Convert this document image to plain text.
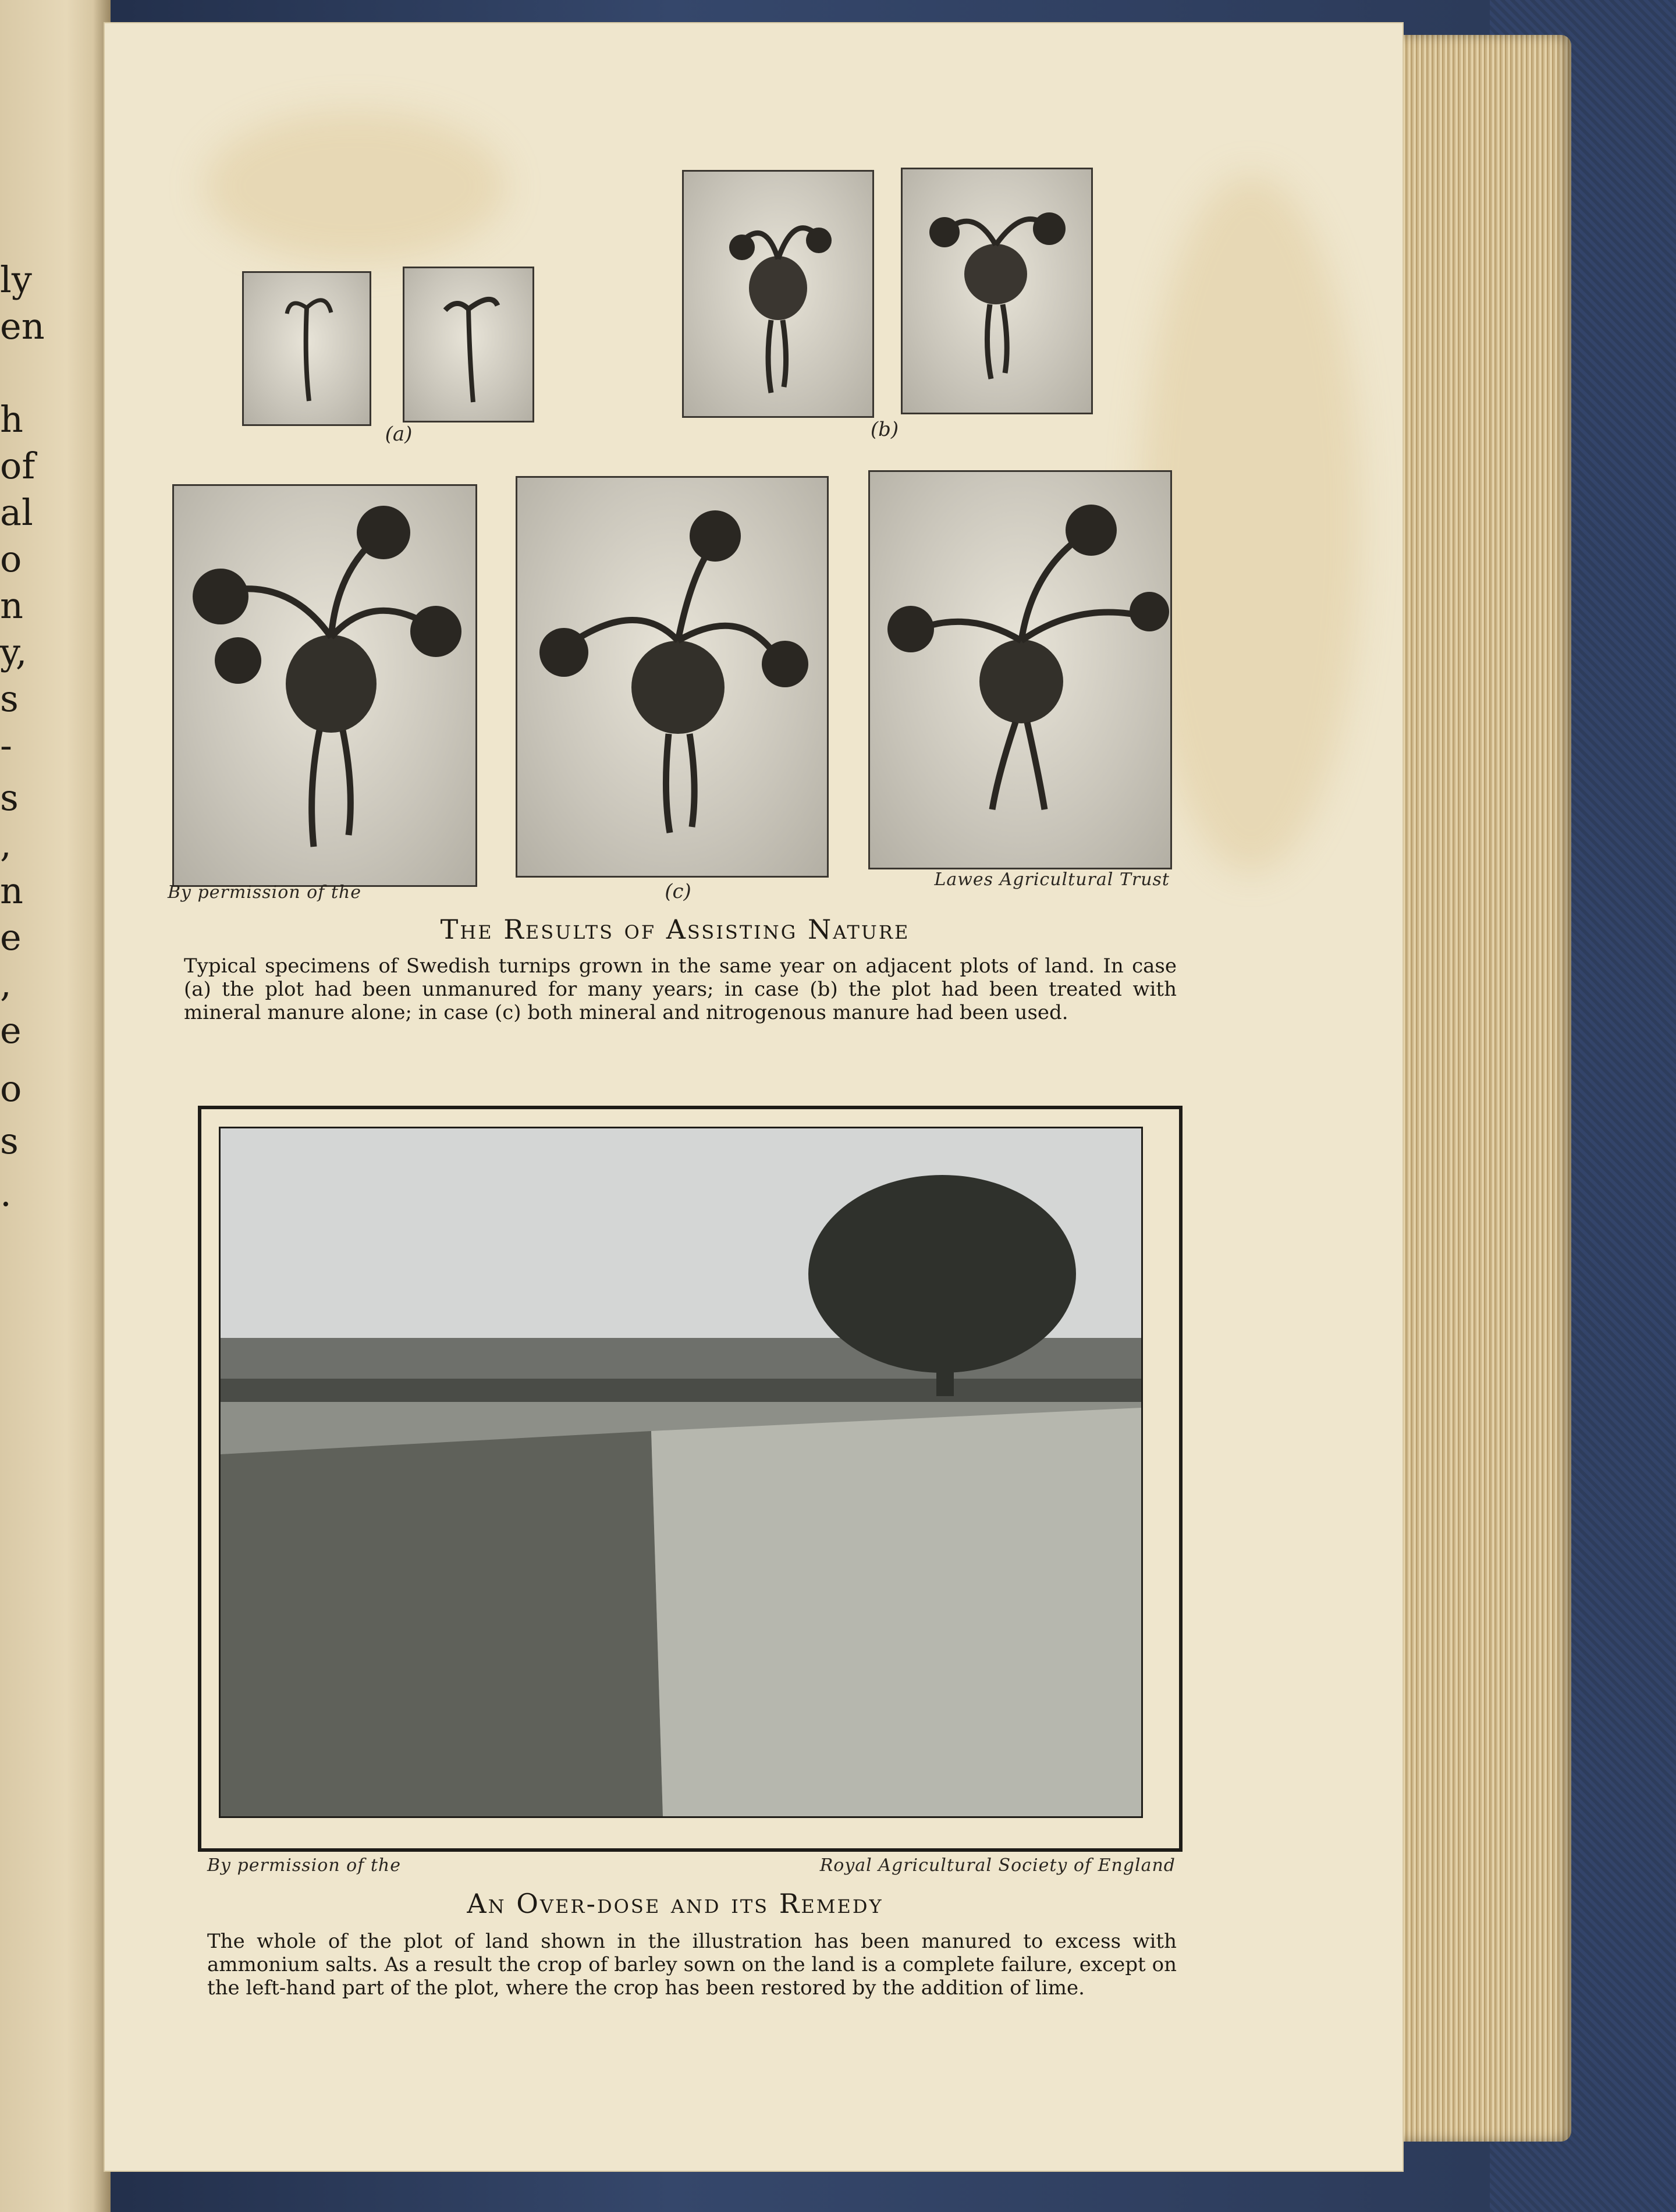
ly
en
h
of
al
o
n
y,
s
-
s
,
n
e
,
e
o
s
.
(a)	(b)
By permission of the	(c)
Lawes Agricultural Trust
The Results of Assisting Nature
Typical specimens of Swedish turnips grown in the same year on adjacent plots of land. In case (a) the plot had been unmanured for many years; in case (b) the plot had been treated with mineral manure alone; in case (c) both mineral and nitrogenous manure had been used.
By permission of the	Royal Agricultural Society of England
An Over-dose and its Remedy
The whole of the plot of land shown in the illustration has been manured to excess with ammonium salts. As a result the crop of barley sown on the land is a complete failure, except on the left-hand part of the plot, where the crop has been restored by the addition of lime.
